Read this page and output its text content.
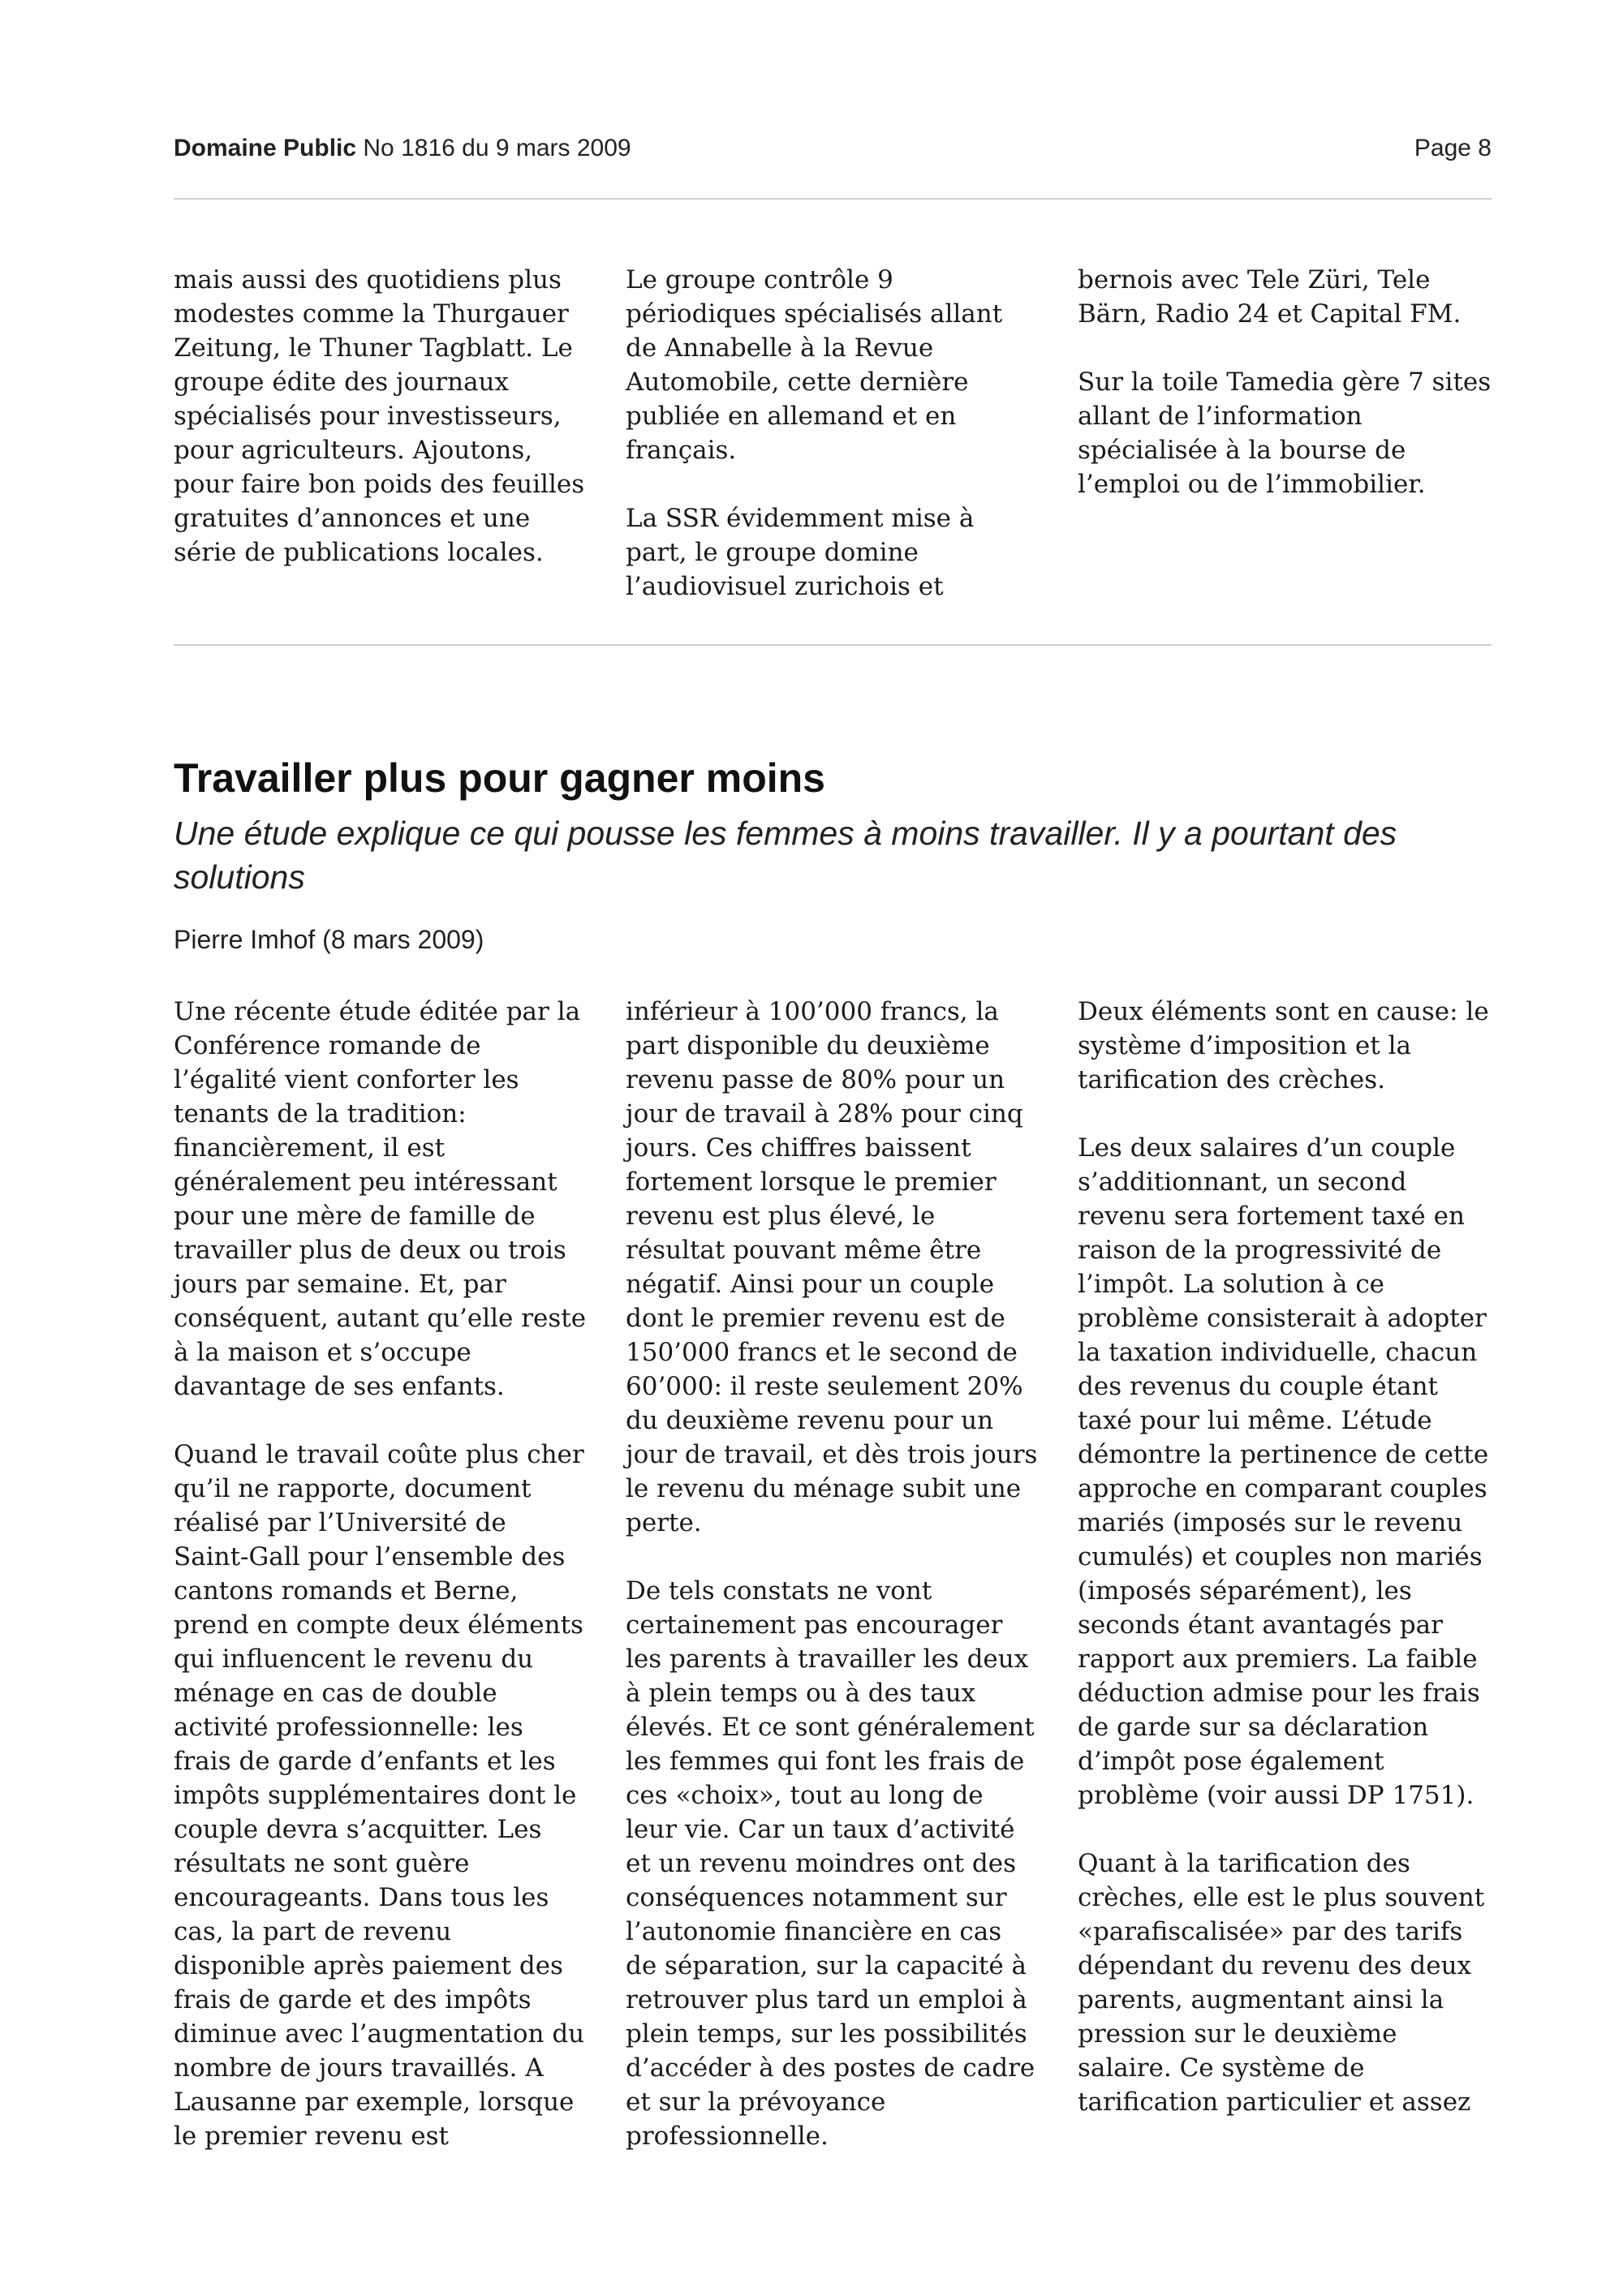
Domaine Public No 1816 du 9 mars 2009	Page 8

mais aussi des quotidiens plus modestes comme la Thurgauer Zeitung, le Thuner Tagblatt. Le groupe édite des journaux spécialisés pour investisseurs, pour agriculteurs. Ajoutons, pour faire bon poids des feuilles gratuites d’annonces et une série de publications locales.

Le groupe contrôle 9 périodiques spécialisés allant de Annabelle à la Revue Automobile, cette dernière publiée en allemand et en français.

La SSR évidemment mise à part, le groupe domine l’audiovisuel zurichois et

bernois avec Tele Züri, Tele Bärn, Radio 24 et Capital FM.

Sur la toile Tamedia gère 7 sites allant de l’information spécialisée à la bourse de l’emploi ou de l’immobilier.

Travailler plus pour gagner moins
Une étude explique ce qui pousse les femmes à moins travailler. Il y a pourtant des solutions
Pierre Imhof (8 mars 2009)

Une récente étude éditée par la Conférence romande de l’égalité vient conforter les tenants de la tradition: financièrement, il est généralement peu intéressant pour une mère de famille de travailler plus de deux ou trois jours par semaine. Et, par conséquent, autant qu’elle reste à la maison et s’occupe davantage de ses enfants.

Quand le travail coûte plus cher qu’il ne rapporte, document réalisé par l’Université de Saint-Gall pour l’ensemble des cantons romands et Berne, prend en compte deux éléments qui influencent le revenu du ménage en cas de double activité professionnelle: les frais de garde d’enfants et les impôts supplémentaires dont le couple devra s’acquitter. Les résultats ne sont guère encourageants. Dans tous les cas, la part de revenu disponible après paiement des frais de garde et des impôts diminue avec l’augmentation du nombre de jours travaillés. A Lausanne par exemple, lorsque le premier revenu est

inférieur à 100’000 francs, la part disponible du deuxième revenu passe de 80% pour un jour de travail à 28% pour cinq jours. Ces chiffres baissent fortement lorsque le premier revenu est plus élevé, le résultat pouvant même être négatif. Ainsi pour un couple dont le premier revenu est de 150’000 francs et le second de 60’000: il reste seulement 20% du deuxième revenu pour un jour de travail, et dès trois jours le revenu du ménage subit une perte.

De tels constats ne vont certainement pas encourager les parents à travailler les deux à plein temps ou à des taux élevés. Et ce sont généralement les femmes qui font les frais de ces «choix», tout au long de leur vie. Car un taux d’activité et un revenu moindres ont des conséquences notamment sur l’autonomie financière en cas de séparation, sur la capacité à retrouver plus tard un emploi à plein temps, sur les possibilités d’accéder à des postes de cadre et sur la prévoyance professionnelle.

Deux éléments sont en cause: le système d’imposition et la tarification des crèches.

Les deux salaires d’un couple s’additionnant, un second revenu sera fortement taxé en raison de la progressivité de l’impôt. La solution à ce problème consisterait à adopter la taxation individuelle, chacun des revenus du couple étant taxé pour lui même. L’étude démontre la pertinence de cette approche en comparant couples mariés (imposés sur le revenu cumulés) et couples non mariés (imposés séparément), les seconds étant avantagés par rapport aux premiers. La faible déduction admise pour les frais de garde sur sa déclaration d’impôt pose également problème (voir aussi DP 1751).

Quant à la tarification des crèches, elle est le plus souvent «parafiscalisée» par des tarifs dépendant du revenu des deux parents, augmentant ainsi la pression sur le deuxième salaire. Ce système de tarification particulier et assez
